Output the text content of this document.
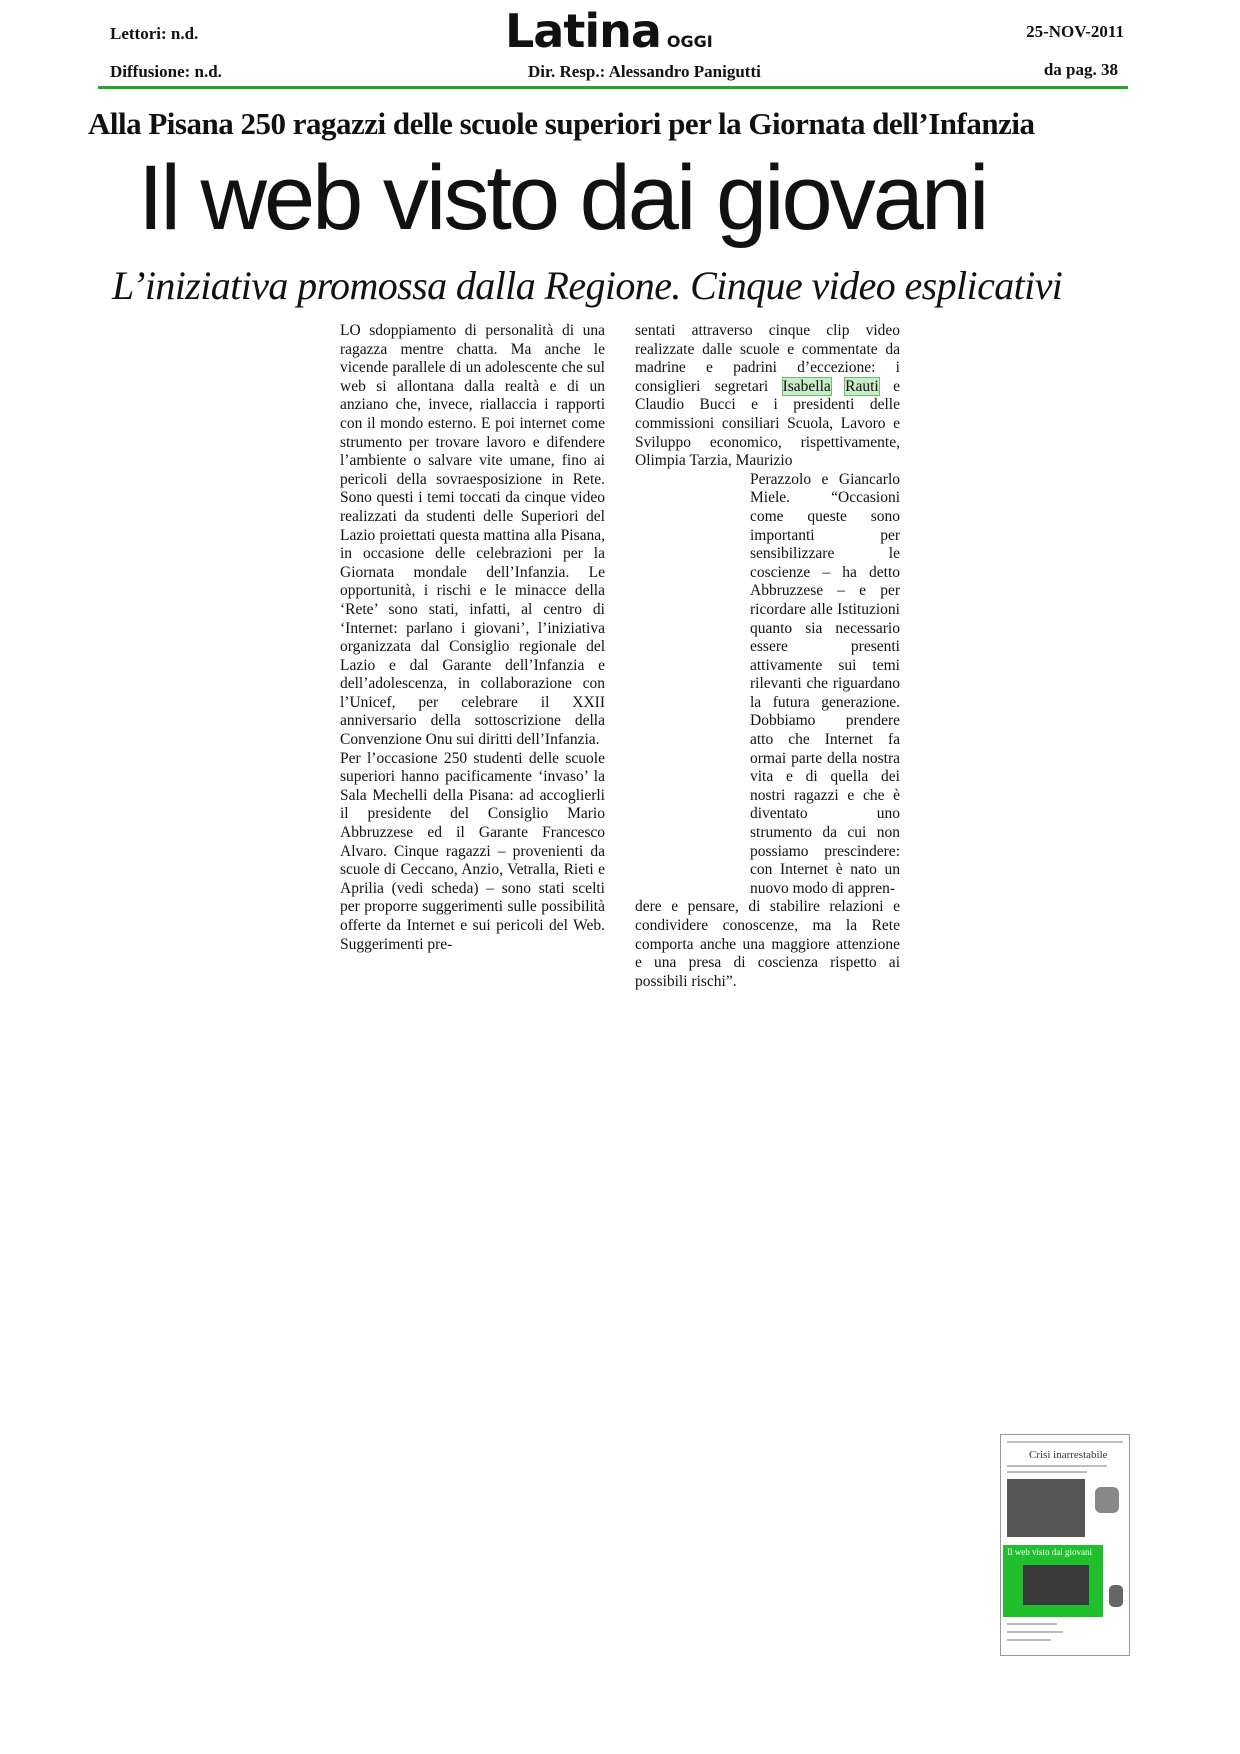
Lettori: n.d.
Diffusione: n.d.
Latina OGGI
Dir. Resp.: Alessandro Panigutti
25-NOV-2011
da pag. 38
Alla Pisana 250 ragazzi delle scuole superiori per la Giornata dell’Infanzia
Il web visto dai giovani
L’iniziativa promossa dalla Regione. Cinque video esplicativi

LO sdoppiamento di personalità di una ragazza mentre chatta. Ma anche le vicende parallele di un adolescente che sul web si allontana dalla realtà e di un anziano che, invece, riallaccia i rapporti con il mondo esterno. E poi internet come strumento per trovare lavoro e difendere l’ambiente o salvare vite umane, fino ai pericoli della sovraesposizione in Rete. Sono questi i temi toccati da cinque video realizzati da studenti delle Superiori del Lazio proiettati questa mattina alla Pisana, in occasione delle celebrazioni per la Giornata mondale dell’Infanzia. Le opportunità, i rischi e le minacce della ‘Rete’ sono stati, infatti, al centro di ‘Internet: parlano i giovani’, l’iniziativa organizzata dal Consiglio regionale del Lazio e dal Garante dell’Infanzia e dell’adolescenza, in collaborazione con l’Unicef, per celebrare il XXII anniversario della sottoscrizione della Convenzione Onu sui diritti dell’Infanzia.

Per l’occasione 250 studenti delle scuole superiori hanno pacificamente ‘invaso’ la Sala Mechelli della Pisana: ad accoglierli il presidente del Consiglio Mario Abbruzzese ed il Garante Francesco Alvaro. Cinque ragazzi – provenienti da scuole di Ceccano, Anzio, Vetralla, Rieti e Aprilia (vedi scheda) – sono stati scelti per proporre suggerimenti sulle possibilità offerte da Internet e sui pericoli del Web. Suggerimenti pre-

sentati attraverso cinque clip video realizzate dalle scuole e commentate da madrine e padrini d’eccezione: i consiglieri segretari Isabella Rauti e Claudio Bucci e i presidenti delle commissioni consiliari Scuola, Lavoro e Sviluppo economico, rispettivamente, Olimpia Tarzia, Maurizio

Perazzolo e Giancarlo Miele. “Occasioni come queste sono importanti per sensibilizzare le coscienze – ha detto Abbruzzese – e per ricordare alle Istituzioni quanto sia necessario essere presenti attivamente sui temi rilevanti che riguardano la futura generazione. Dobbiamo prendere atto che Internet fa ormai parte della nostra vita e di quella dei nostri ragazzi e che è diventato uno strumento da cui non possiamo prescindere: con Internet è nato un nuovo modo di appren-

dere e pensare, di stabilire relazioni e condividere conoscenze, ma la Rete comporta anche una maggiore attenzione e una presa di coscienza rispetto ai possibili rischi”.

Crisi inarrestabile
Il web visto dai giovani
